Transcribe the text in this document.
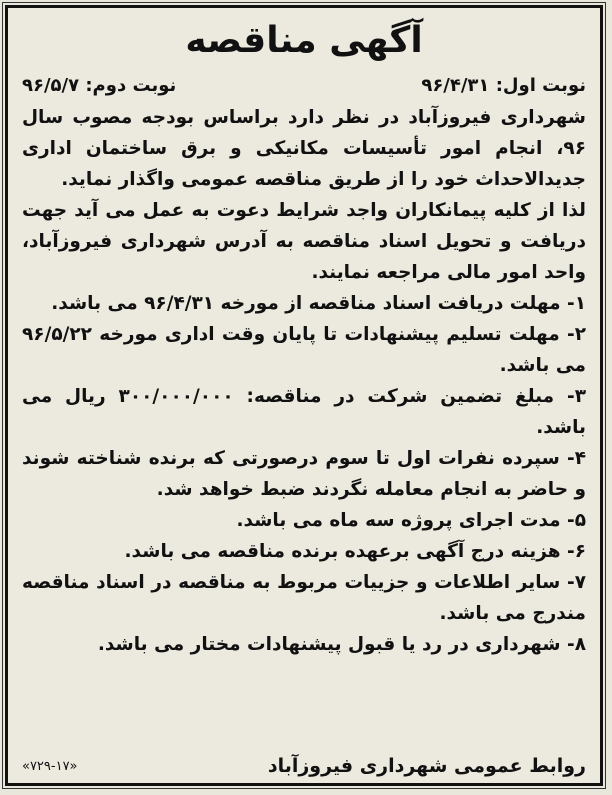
آگهی مناقصه
نوبت اول: ۹۶/۴/۳۱
نوبت دوم: ۹۶/۵/۷

شهرداری فیروزآباد در نظر دارد براساس بودجه مصوب سال ۹۶، انجام امور تأسیسات مکانیکی و برق ساختمان اداری جدیدالاحداث خود را از طریق مناقصه عمومی واگذار نماید.

لذا از کلیه پیمانکاران واجد شرایط دعوت به عمل می آید جهت دریافت و تحویل اسناد مناقصه به آدرس شهرداری فیروزآباد، واحد امور مالی مراجعه نمایند.

۱- مهلت دریافت اسناد مناقصه از مورخه ۹۶/۴/۳۱ می باشد.

۲- مهلت تسلیم پیشنهادات تا پایان وقت اداری مورخه ۹۶/۵/۲۲ می باشد.

۳- مبلغ تضمین شرکت در مناقصه: ۳۰۰/۰۰۰/۰۰۰ ریال می باشد.

۴- سپرده نفرات اول تا سوم درصورتی که برنده شناخته شوند و حاضر به انجام معامله نگردند ضبط خواهد شد.

۵- مدت اجرای پروژه سه ماه می باشد.

۶- هزینه درج آگهی برعهده برنده مناقصه می باشد.

۷- سایر اطلاعات و جزییات مربوط به مناقصه در اسناد مناقصه مندرج می باشد.

۸- شهرداری در رد یا قبول پیشنهادات مختار می باشد.

روابط عمومی شهرداری فیروزآباد
«۷۲۹-۱۷»
